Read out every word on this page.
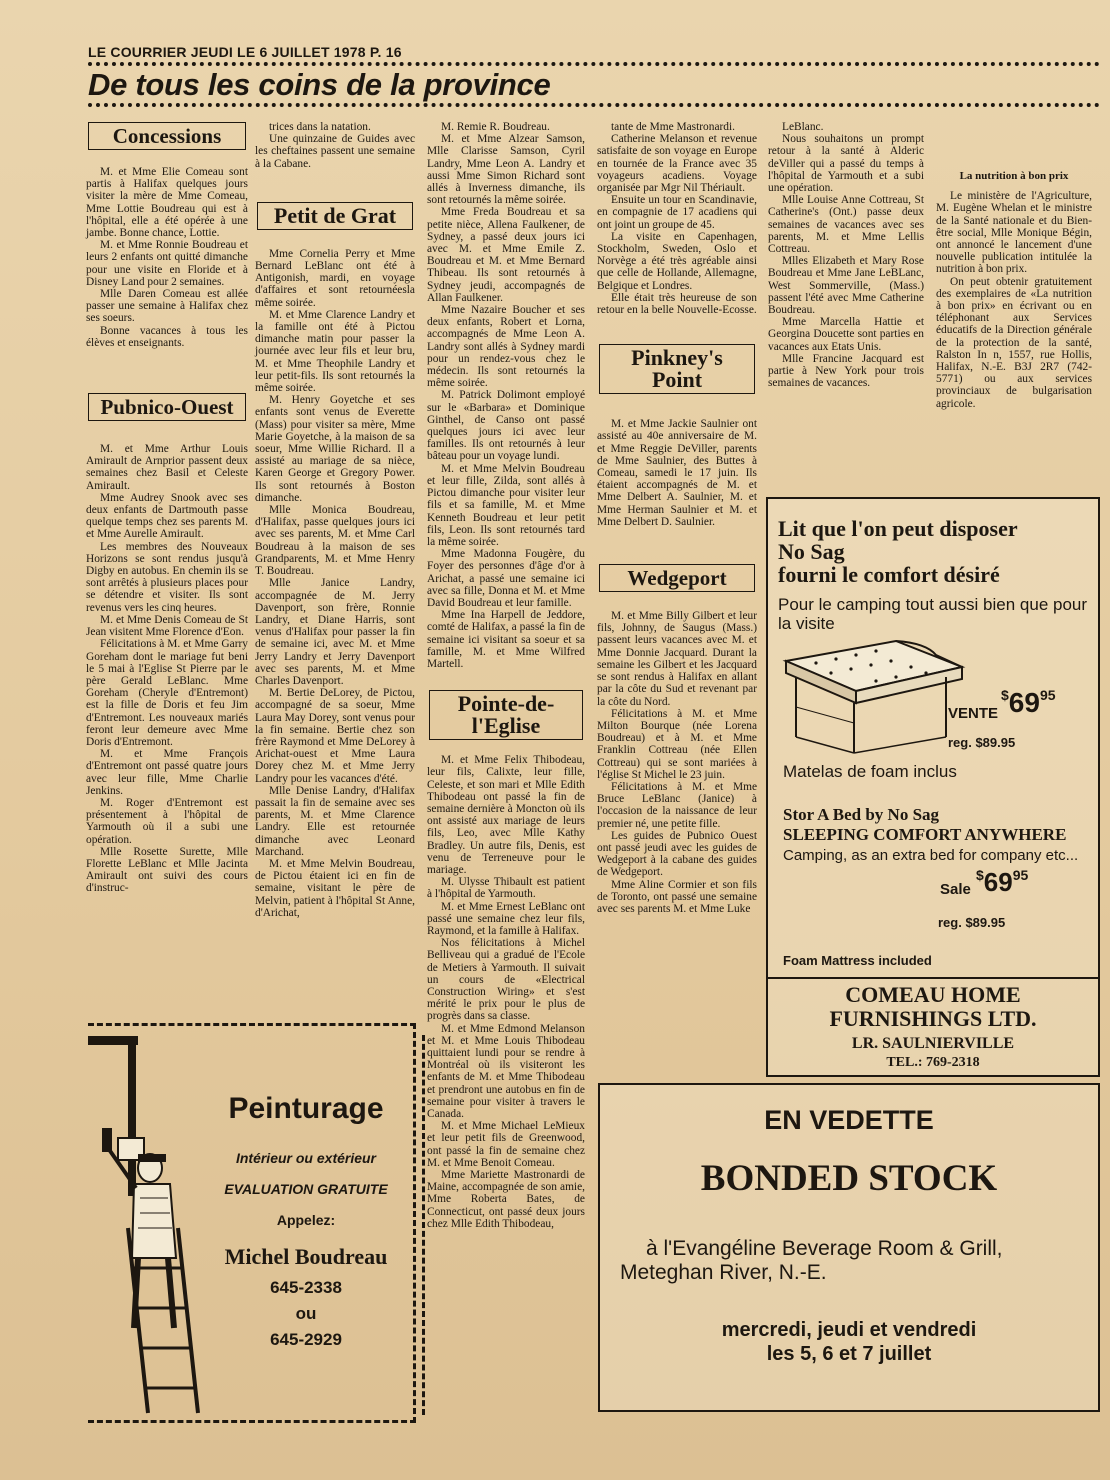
LE COURRIER JEUDI LE 6 JUILLET 1978 P. 16
De tous les coins de la province
Concessions

M. et Mme Elie Comeau sont partis à Halifax quelques jours visiter la mère de Mme Comeau, Mme Lottie Boudreau qui est à l'hôpital, elle a été opérée à une jambe. Bonne chance, Lottie.

M. et Mme Ronnie Boudreau et leurs 2 enfants ont quitté dimanche pour une visite en Floride et à Disney Land pour 2 semaines.

Mlle Daren Comeau est allée passer une semaine à Halifax chez ses soeurs.

Bonne vacances à tous les élèves et enseignants.

Pubnico-Ouest

M. et Mme Arthur Louis Amirault de Arnprior passent deux semaines chez Basil et Celeste Amirault.

Mme Audrey Snook avec ses deux enfants de Dartmouth passe quelque temps chez ses parents M. et Mme Aurelle Amirault.

Les membres des Nouveaux Horizons se sont rendus jusqu'à Digby en autobus. En chemin ils se sont arrêtés à plusieurs places pour se détendre et visiter. Ils sont revenus vers les cinq heures.

M. et Mme Denis Comeau de St Jean visitent Mme Florence d'Eon.

Félicitations à M. et Mme Garry Goreham dont le mariage fut beni le 5 mai à l'Eglise St Pierre par le père Gerald LeBlanc. Mme Goreham (Cheryle d'Entremont) est la fille de Doris et feu Jim d'Entremont. Les nouveaux mariés feront leur demeure avec Mme Doris d'Entremont.

M. et Mme François d'Entremont ont passé quatre jours avec leur fille, Mme Charlie Jenkins.

M. Roger d'Entremont est présentement à l'hôpital de Yarmouth où il a subi une opération.

Mlle Rosette Surette, Mlle Florette LeBlanc et Mlle Jacinta Amirault ont suivi des cours d'instruc-

trices dans la natation.

Une quinzaine de Guides avec les cheftaines passent une semaine à la Cabane.

Petit de Grat

Mme Cornelia Perry et Mme Bernard LeBlanc ont été à Antigonish, mardi, en voyage d'affaires et sont retournéesla même soirée.

M. et Mme Clarence Landry et la famille ont été à Pictou dimanche matin pour passer la journée avec leur fils et leur bru, M. et Mme Theophile Landry et leur petit-fils. Ils sont retournés la même soirée.

M. Henry Goyetche et ses enfants sont venus de Everette (Mass) pour visiter sa mère, Mme Marie Goyetche, à la maison de sa soeur, Mme Willie Richard. Il a assisté au mariage de sa nièce, Karen George et Gregory Power. Ils sont retournés à Boston dimanche.

Mlle Monica Boudreau, d'Halifax, passe quelques jours ici avec ses parents, M. et Mme Carl Boudreau à la maison de ses Grandparents, M. et Mme Henry T. Boudreau.

Mlle Janice Landry, accompagnée de M. Jerry Davenport, son frère, Ronnie Landry, et Diane Harris, sont venus d'Halifax pour passer la fin de semaine ici, avec M. et Mme Jerry Landry et Jerry Davenport avec ses parents, M. et Mme Charles Davenport.

M. Bertie DeLorey, de Pictou, accompagné de sa soeur, Mme Laura May Dorey, sont venus pour la fin semaine. Bertie chez son frère Raymond et Mme DeLorey à Arichat-ouest et Mme Laura Dorey chez M. et Mme Jerry Landry pour les vacances d'été.

Mlle Denise Landry, d'Halifax passait la fin de semaine avec ses parents, M. et Mme Clarence Landry. Elle est retournée dimanche avec Leonard Marchand.

M. et Mme Melvin Boudreau, de Pictou étaient ici en fin de semaine, visitant le père de Melvin, patient à l'hôpital St Anne, d'Arichat,

M. Remie R. Boudreau.

M. et Mme Alzear Samson, Mlle Clarisse Samson, Cyril Landry, Mme Leon A. Landry et aussi Mme Simon Richard sont allés à Inverness dimanche, ils sont retournés la même soirée.

Mme Freda Boudreau et sa petite nièce, Allena Faulkener, de Sydney, a passé deux jours ici avec M. et Mme Emile Z. Boudreau et M. et Mme Bernard Thibeau. Ils sont retournés à Sydney jeudi, accompagnés de Allan Faulkener.

Mme Nazaire Boucher et ses deux enfants, Robert et Lorna, accompagnés de Mme Leon A. Landry sont allés à Sydney mardi pour un rendez-vous chez le médecin. Ils sont retournés la même soirée.

M. Patrick Dolimont employé sur le «Barbara» et Dominique Ginthel, de Canso ont passé quelques jours ici avec leur familles. Ils ont retournés à leur bâteau pour un voyage lundi.

M. et Mme Melvin Boudreau et leur fille, Zilda, sont allés à Pictou dimanche pour visiter leur fils et sa famille, M. et Mme Kenneth Boudreau et leur petit fils, Leon. Ils sont retournés tard la même soirée.

Mme Madonna Fougère, du Foyer des personnes d'âge d'or à Arichat, a passé une semaine ici avec sa fille, Donna et M. et Mme David Boudreau et leur famille.

Mme Ina Harpell de Jeddore, comté de Halifax, a passé la fin de semaine ici visitant sa soeur et sa famille, M. et Mme Wilfred Martell.

Pointe-de-l'Eglise

M. et Mme Felix Thibodeau, leur fils, Calixte, leur fille, Celeste, et son mari et Mlle Edith Thibodeau ont passé la fin de semaine dernière à Moncton où ils ont assisté aux mariage de leurs fils, Leo, avec Mlle Kathy Bradley. Un autre fils, Denis, est venu de Terreneuve pour le mariage.

M. Ulysse Thibault est patient à l'hôpital de Yarmouth.

M. et Mme Ernest LeBlanc ont passé une semaine chez leur fils, Raymond, et la famille à Halifax.

Nos félicitations à Michel Belliveau qui a gradué de l'Ecole de Metiers à Yarmouth. Il suivait un cours de «Electrical Construction Wiring» et s'est mérité le prix pour le plus de progrès dans sa classe.

M. et Mme Edmond Melanson et M. et Mme Louis Thibodeau quittaient lundi pour se rendre à Montréal où ils visiteront les enfants de M. et Mme Thibodeau et prendront une autobus en fin de semaine pour visiter à travers le Canada.

M. et Mme Michael LeMieux et leur petit fils de Greenwood, ont passé la fin de semaine chez M. et Mme Benoit Comeau.

Mme Mariette Mastronardi de Maine, accompagnée de son amie, Mme Roberta Bates, de Connecticut, ont passé deux jours chez Mlle Edith Thibodeau,

tante de Mme Mastronardi.

Catherine Melanson et revenue satisfaite de son voyage en Europe en tournée de la France avec 35 voyageurs acadiens. Voyage organisée par Mgr Nil Thériault.

Ensuite un tour en Scandinavie, en compagnie de 17 acadiens qui ont joint un groupe de 45.

La visite en Capenhagen, Stockholm, Sweden, Oslo et Norvège a été très agréable ainsi que celle de Hollande, Allemagne, Belgique et Londres.

Elle était très heureuse de son retour en la belle Nouvelle-Ecosse.

Pinkney's Point

M. et Mme Jackie Saulnier ont assisté au 40e anniversaire de M. et Mme Reggie DeViller, parents de Mme Saulnier, des Buttes à Comeau, samedi le 17 juin. Ils étaient accompagnés de M. et Mme Delbert A. Saulnier, M. et Mme Herman Saulnier et M. et Mme Delbert D. Saulnier.

Wedgeport

M. et Mme Billy Gilbert et leur fils, Johnny, de Saugus (Mass.) passent leurs vacances avec M. et Mme Donnie Jacquard. Durant la semaine les Gilbert et les Jacquard se sont rendus à Halifax en allant par la côte du Sud et revenant par la côte du Nord.

Félicitations à M. et Mme Milton Bourque (née Lorena Boudreau) et à M. et Mme Franklin Cottreau (née Ellen Cottreau) qui se sont mariées à l'église St Michel le 23 juin.

Félicitations à M. et Mme Bruce LeBlanc (Janice) à l'occasion de la naissance de leur premier né, une petite fille.

Les guides de Pubnico Ouest ont passé jeudi avec les guides de Wedgeport à la cabane des guides de Wedgeport.

Mme Aline Cormier et son fils de Toronto, ont passé une semaine avec ses parents M. et Mme Luke

LeBlanc.

Nous souhaitons un prompt retour à la santé à Alderic deViller qui a passé du temps à l'hôpital de Yarmouth et a subi une opération.

Mlle Louise Anne Cottreau, St Catherine's (Ont.) passe deux semaines de vacances avec ses parents, M. et Mme Lellis Cottreau.

Mlles Elizabeth et Mary Rose Boudreau et Mme Jane LeBLanc, West Sommerville, (Mass.) passent l'été avec Mme Catherine Boudreau.

Mme Marcella Hattie et Georgina Doucette sont parties en vacances aux Etats Unis.

Mlle Francine Jacquard est partie à New York pour trois semaines de vacances.

La nutrition à bon prix

Le ministère de l'Agriculture, M. Eugène Whelan et le ministre de la Santé nationale et du Bien-être social, Mlle Monique Bégin, ont annoncé le lancement d'une nouvelle publication intitulée la nutrition à bon prix.

On peut obtenir gratuitement des exemplaires de «La nutrition à bon prix» en écrivant ou en téléphonant aux Services éducatifs de la Direction générale de la protection de la santé, Ralston In n, 1557, rue Hollis, Halifax, N.-E. B3J 2R7 (742-5771) ou aux services provinciaux de bulgarisation agricole.

Lit que l'on peut disposer
No Sag
fourni le comfort désiré
Pour le camping tout aussi bien que pour la visite
VENTE
$6995
reg. $89.95
Matelas de foam inclus
Stor A Bed by No Sag
SLEEPING COMFORT ANYWHERE
Camping, as an extra bed for company etc...
Sale
$6995
reg. $89.95
Foam Mattress included
COMEAU HOME
FURNISHINGS LTD.
LR. SAULNIERVILLE
TEL.: 769-2318
Peinturage
Intérieur ou extérieur
EVALUATION GRATUITE
Appelez:
Michel Boudreau
645-2338
ou
645-2929
EN VEDETTE
BONDED STOCK
à l'Evangéline Beverage Room & Grill,
Meteghan River, N.-E.
mercredi, jeudi et vendredi
les 5, 6 et 7 juillet
